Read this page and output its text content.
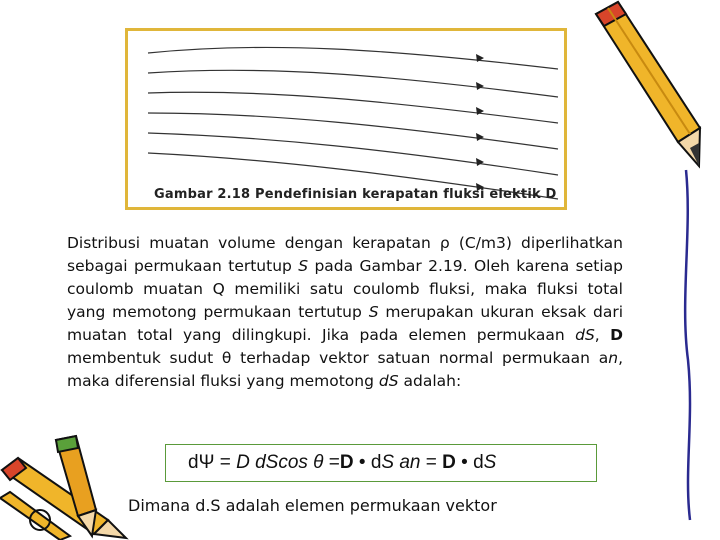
Gambar 2.18 Pendefinisian kerapatan fluksi elektik D
Distribusi muatan volume dengan kerapatan ρ (C/m3) diperlihatkan sebagai permukaan tertutup S pada Gambar 2.19. Oleh karena setiap coulomb muatan Q memiliki satu coulomb fluksi, maka fluksi total yang memotong permukaan tertutup S merupakan ukuran eksak dari muatan total yang dilingkupi. Jika pada elemen permukaan dS, D membentuk sudut θ terhadap vektor satuan normal permukaan an, maka diferensial fluksi yang memotong dS adalah:
dΨ = D dScos θ =D • dS an = D • dS
Dimana d.S adalah elemen permukaan vektor
